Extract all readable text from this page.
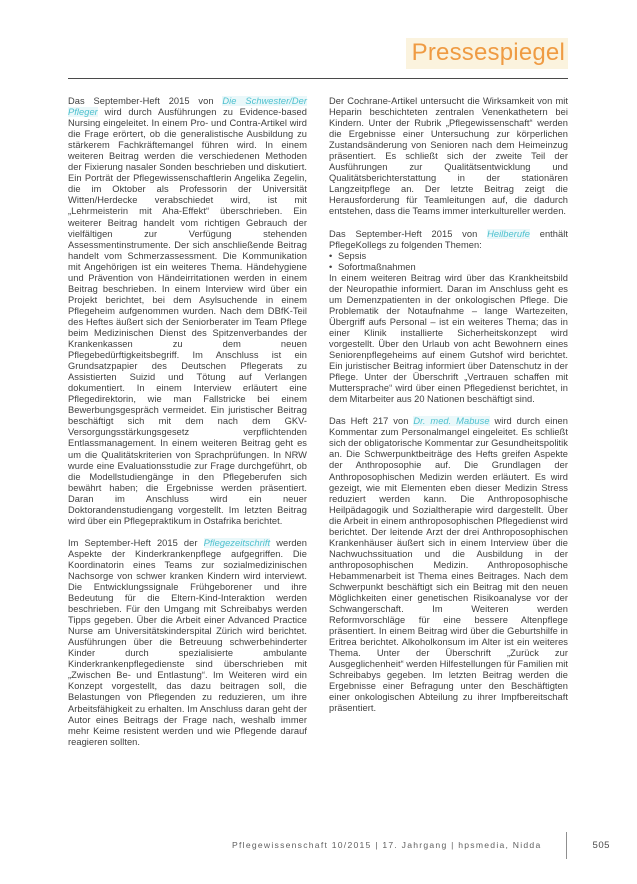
Pressespiegel
Das September-Heft 2015 von Die Schwester/Der Pfleger wird durch Ausführungen zu Evidence-based Nursing eingeleitet. In einem Pro- und Contra-Artikel wird die Frage erörtert, ob die generalistische Ausbildung zu stärkerem Fachkräftemangel führen wird. In einem weiteren Beitrag werden die verschiedenen Methoden der Fixierung nasaler Sonden beschrieben und diskutiert. Ein Porträt der Pflegewissenschaftlerin Angelika Zegelin, die im Oktober als Professorin der Universität Witten/Herdecke verabschiedet wird, ist mit „Lehrmeisterin mit Aha-Effekt“ überschrieben. Ein weiterer Beitrag handelt vom richtigen Gebrauch der vielfältigen zur Verfügung stehenden Assessmentinstrumente. Der sich anschließende Beitrag handelt vom Schmerzassessment. Die Kommunikation mit Angehörigen ist ein weiteres Thema. Händehygiene und Prävention von Händeirritationen werden in einem Beitrag beschrieben. In einem Interview wird über ein Projekt berichtet, bei dem Asylsuchende in einem Pflegeheim aufgenommen wurden. Nach dem DBfK-Teil des Heftes äußert sich der Seniorberater im Team Pflege beim Medizinischen Dienst des Spitzenverbandes der Krankenkassen zu dem neuen Pflegebedürftigkeitsbegriff. Im Anschluss ist ein Grundsatzpapier des Deutschen Pflegerats zu Assistierten Suizid und Tötung auf Verlangen dokumentiert. In einem Interview erläutert eine Pflegedirektorin, wie man Fallstricke bei einem Bewerbungsgespräch vermeidet. Ein juristischer Beitrag beschäftigt sich mit dem nach dem GKV-Versorgungsstärkungsgesetz verpflichtenden Entlassmanagement. In einem weiteren Beitrag geht es um die Qualitätskriterien von Sprachprüfungen. In NRW wurde eine Evaluationsstudie zur Frage durchgeführt, ob die Modellstudiengänge in den Pflegeberufen sich bewährt haben; die Ergebnisse werden präsentiert. Daran im Anschluss wird ein neuer Doktorandenstudiengang vorgestellt. Im letzten Beitrag wird über ein Pflegepraktikum in Ostafrika berichtet.
Im September-Heft 2015 der Pflegezeitschrift werden Aspekte der Kinderkrankenpflege aufgegriffen. Die Koordinatorin eines Teams zur sozialmedizinischen Nachsorge von schwer kranken Kindern wird interviewt. Die Entwicklungssignale Frühgeborener und ihre Bedeutung für die Eltern-Kind-Interaktion werden beschrieben. Für den Umgang mit Schreibabys werden Tipps gegeben. Über die Arbeit einer Advanced Practice Nurse am Universitätskinderspital Zürich wird berichtet. Ausführungen über die Betreuung schwerbehinderter Kinder durch spezialisierte ambulante Kinderkrankenpflegedienste sind überschrieben mit „Zwischen Be- und Entlastung“. Im Weiteren wird ein Konzept vorgestellt, das dazu beitragen soll, die Belastungen von Pflegenden zu reduzieren, um ihre Arbeitsfähigkeit zu erhalten. Im Anschluss daran geht der Autor eines Beitrags der Frage nach, weshalb immer mehr Keime resistent werden und wie Pflegende darauf reagieren sollten.
Der Cochrane-Artikel untersucht die Wirksamkeit von mit Heparin beschichteten zentralen Venenkathetern bei Kindern. Unter der Rubrik „Pflegewissenschaft“ werden die Ergebnisse einer Untersuchung zur körperlichen Zustandsänderung von Senioren nach dem Heimeinzug präsentiert. Es schließt sich der zweite Teil der Ausführungen zur Qualitätsentwicklung und Qualitätsberichterstattung in der stationären Langzeitpflege an. Der letzte Beitrag zeigt die Herausforderung für Teamleitungen auf, die dadurch entstehen, dass die Teams immer interkultureller werden.
Das September-Heft 2015 von Heilberufe enthält PflegeKollegs zu folgenden Themen:
• Sepsis
• Sofortmaßnahmen
In einem weiteren Beitrag wird über das Krankheitsbild der Neuropathie informiert. Daran im Anschluss geht es um Demenzpatienten in der onkologischen Pflege. Die Problematik der Notaufnahme – lange Wartezeiten, Übergriff aufs Personal – ist ein weiteres Thema; das in einer Klinik installierte Sicherheitskonzept wird vorgestellt. Über den Urlaub von acht Bewohnern eines Seniorenpflegeheims auf einem Gutshof wird berichtet. Ein juristischer Beitrag informiert über Datenschutz in der Pflege. Unter der Überschrift „Vertrauen schaffen mit Muttersprache“ wird über einen Pflegedienst berichtet, in dem Mitarbeiter aus 20 Nationen beschäftigt sind.
Das Heft 217 von Dr. med. Mabuse wird durch einen Kommentar zum Personalmangel eingeleitet. Es schließt sich der obligatorische Kommentar zur Gesundheitspolitik an. Die Schwerpunktbeiträge des Hefts greifen Aspekte der Anthroposophie auf. Die Grundlagen der Anthroposophischen Medizin werden erläutert. Es wird gezeigt, wie mit Elementen eben dieser Medizin Stress reduziert werden kann. Die Anthroposophische Heilpädagogik und Sozialtherapie wird dargestellt. Über die Arbeit in einem anthroposophischen Pflegedienst wird berichtet. Der leitende Arzt der drei Anthroposophischen Krankenhäuser äußert sich in einem Interview über die Nachwuchssituation und die Ausbildung in der anthroposophischen Medizin. Anthroposophische Hebammenarbeit ist Thema eines Beitrages. Nach dem Schwerpunkt beschäftigt sich ein Beitrag mit den neuen Möglichkeiten einer genetischen Risikoanalyse vor der Schwangerschaft. Im Weiteren werden Reformvorschläge für eine bessere Altenpflege präsentiert. In einem Beitrag wird über die Geburtshilfe in Eritrea berichtet. Alkoholkonsum im Alter ist ein weiteres Thema. Unter der Überschrift „Zurück zur Ausgeglichenheit“ werden Hilfestellungen für Familien mit Schreibabys gegeben. Im letzten Beitrag werden die Ergebnisse einer Befragung unter den Beschäftigten einer onkologischen Abteilung zu ihrer Impfbereitschaft präsentiert.
Pflegewissenschaft 10/2015 | 17. Jahrgang | hpsmedia, Nidda	505
